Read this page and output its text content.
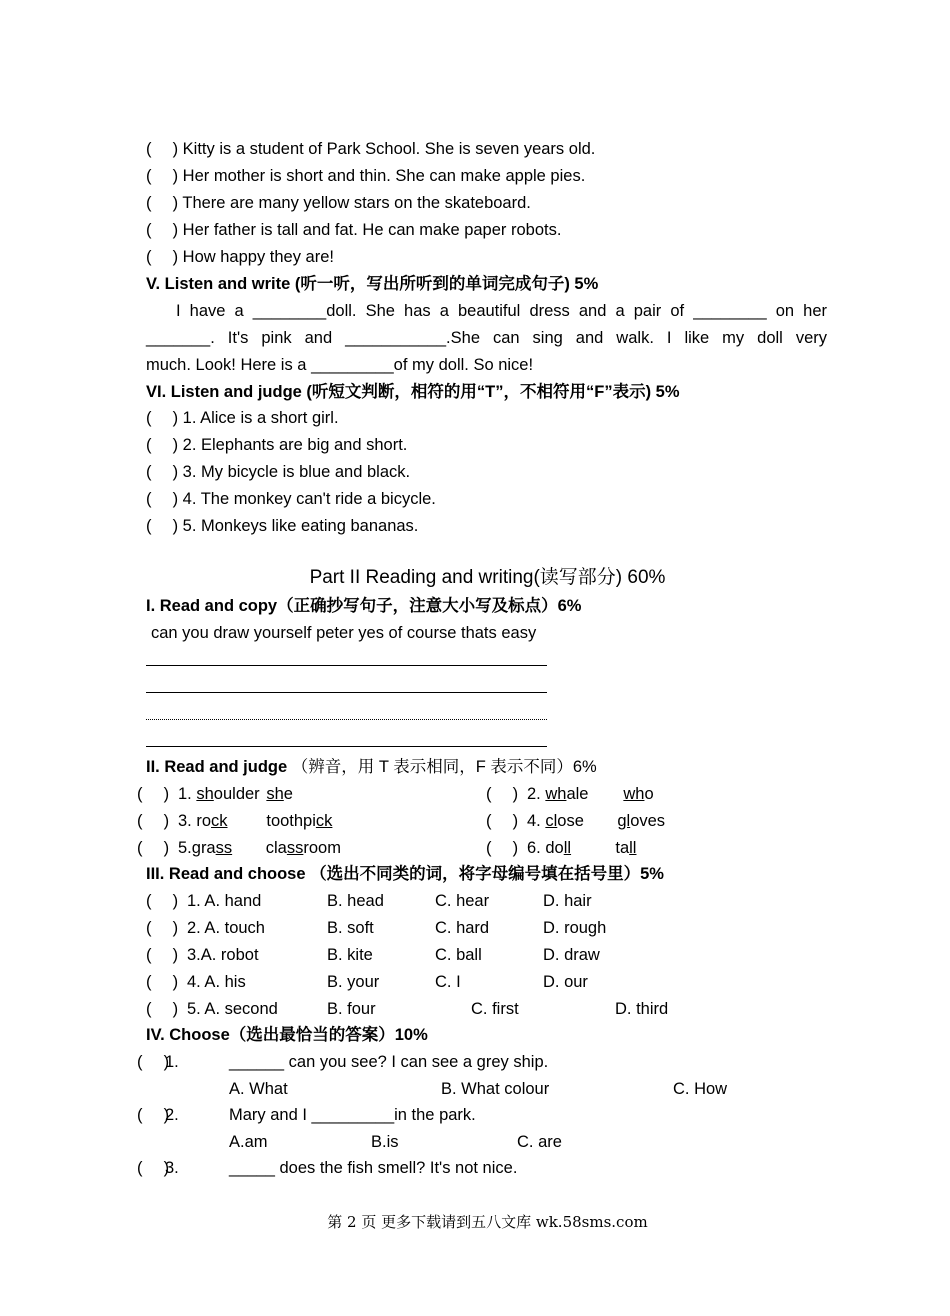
(　 ) Kitty is a student of Park School. She is seven years old.
(　 ) Her mother is short and thin. She can make apple pies.
(　 ) There are many yellow stars on the skateboard.
(　 ) Her father is tall and fat. He can make paper robots.
(　 ) How happy they are!
V. Listen and write (听一听，写出所听到的单词完成句子) 5%
I have a ________doll. She has a beautiful dress and a pair of ________ on her
_______. It's pink and ___________.She can sing and walk. I like my doll very
much. Look! Here is a _________of my doll. So nice!
VI. Listen and judge (听短文判断，相符的用“T”，不相符用“F”表示) 5%
(　 ) 1. Alice is a short girl.
(　 ) 2. Elephants are big and short.
(　 ) 3. My bicycle is blue and black.
(　 ) 4. The monkey can't ride a bicycle.
(　 ) 5. Monkeys like eating bananas.
Part II Reading and writing(读写部分) 60%
I. Read and copy（正确抄写句子，注意大小写及标点）6%
can you draw yourself peter yes of course thats easy
II. Read and judge （辨音，用 T 表示相同，F 表示不同）6%
(　 ) 1. shoulder she	(　 ) 2. whale who
(　 ) 3. rock toothpick	(　 ) 4. close gloves
(　 ) 5.grass classroom	(　 ) 6. doll	tall
III. Read and choose （选出不同类的词，将字母编号填在括号里）5%
(　 ) 1. A. hand	B. head	C. hear	D. hair
(　 ) 2. A. touch	B. soft	C. hard	D. rough
(　 ) 3.A. robot	B. kite	C. ball	D. draw
(　 ) 4. A. his	B. your	C. I	D. our
(　 ) 5. A. second	B. four	C. first	D. third
IV. Choose（选出最恰当的答案）10%
(　 )1.	______ can you see? I can see a grey ship.
A. What	B. What colour	C. How
(　 )2.	Mary and I _________in the park.
A.am	B.is	C. are
(　 )3.	_____ does the fish smell? It's not nice.
第 2 页 更多下载请到五八文库 wk.58sms.com
